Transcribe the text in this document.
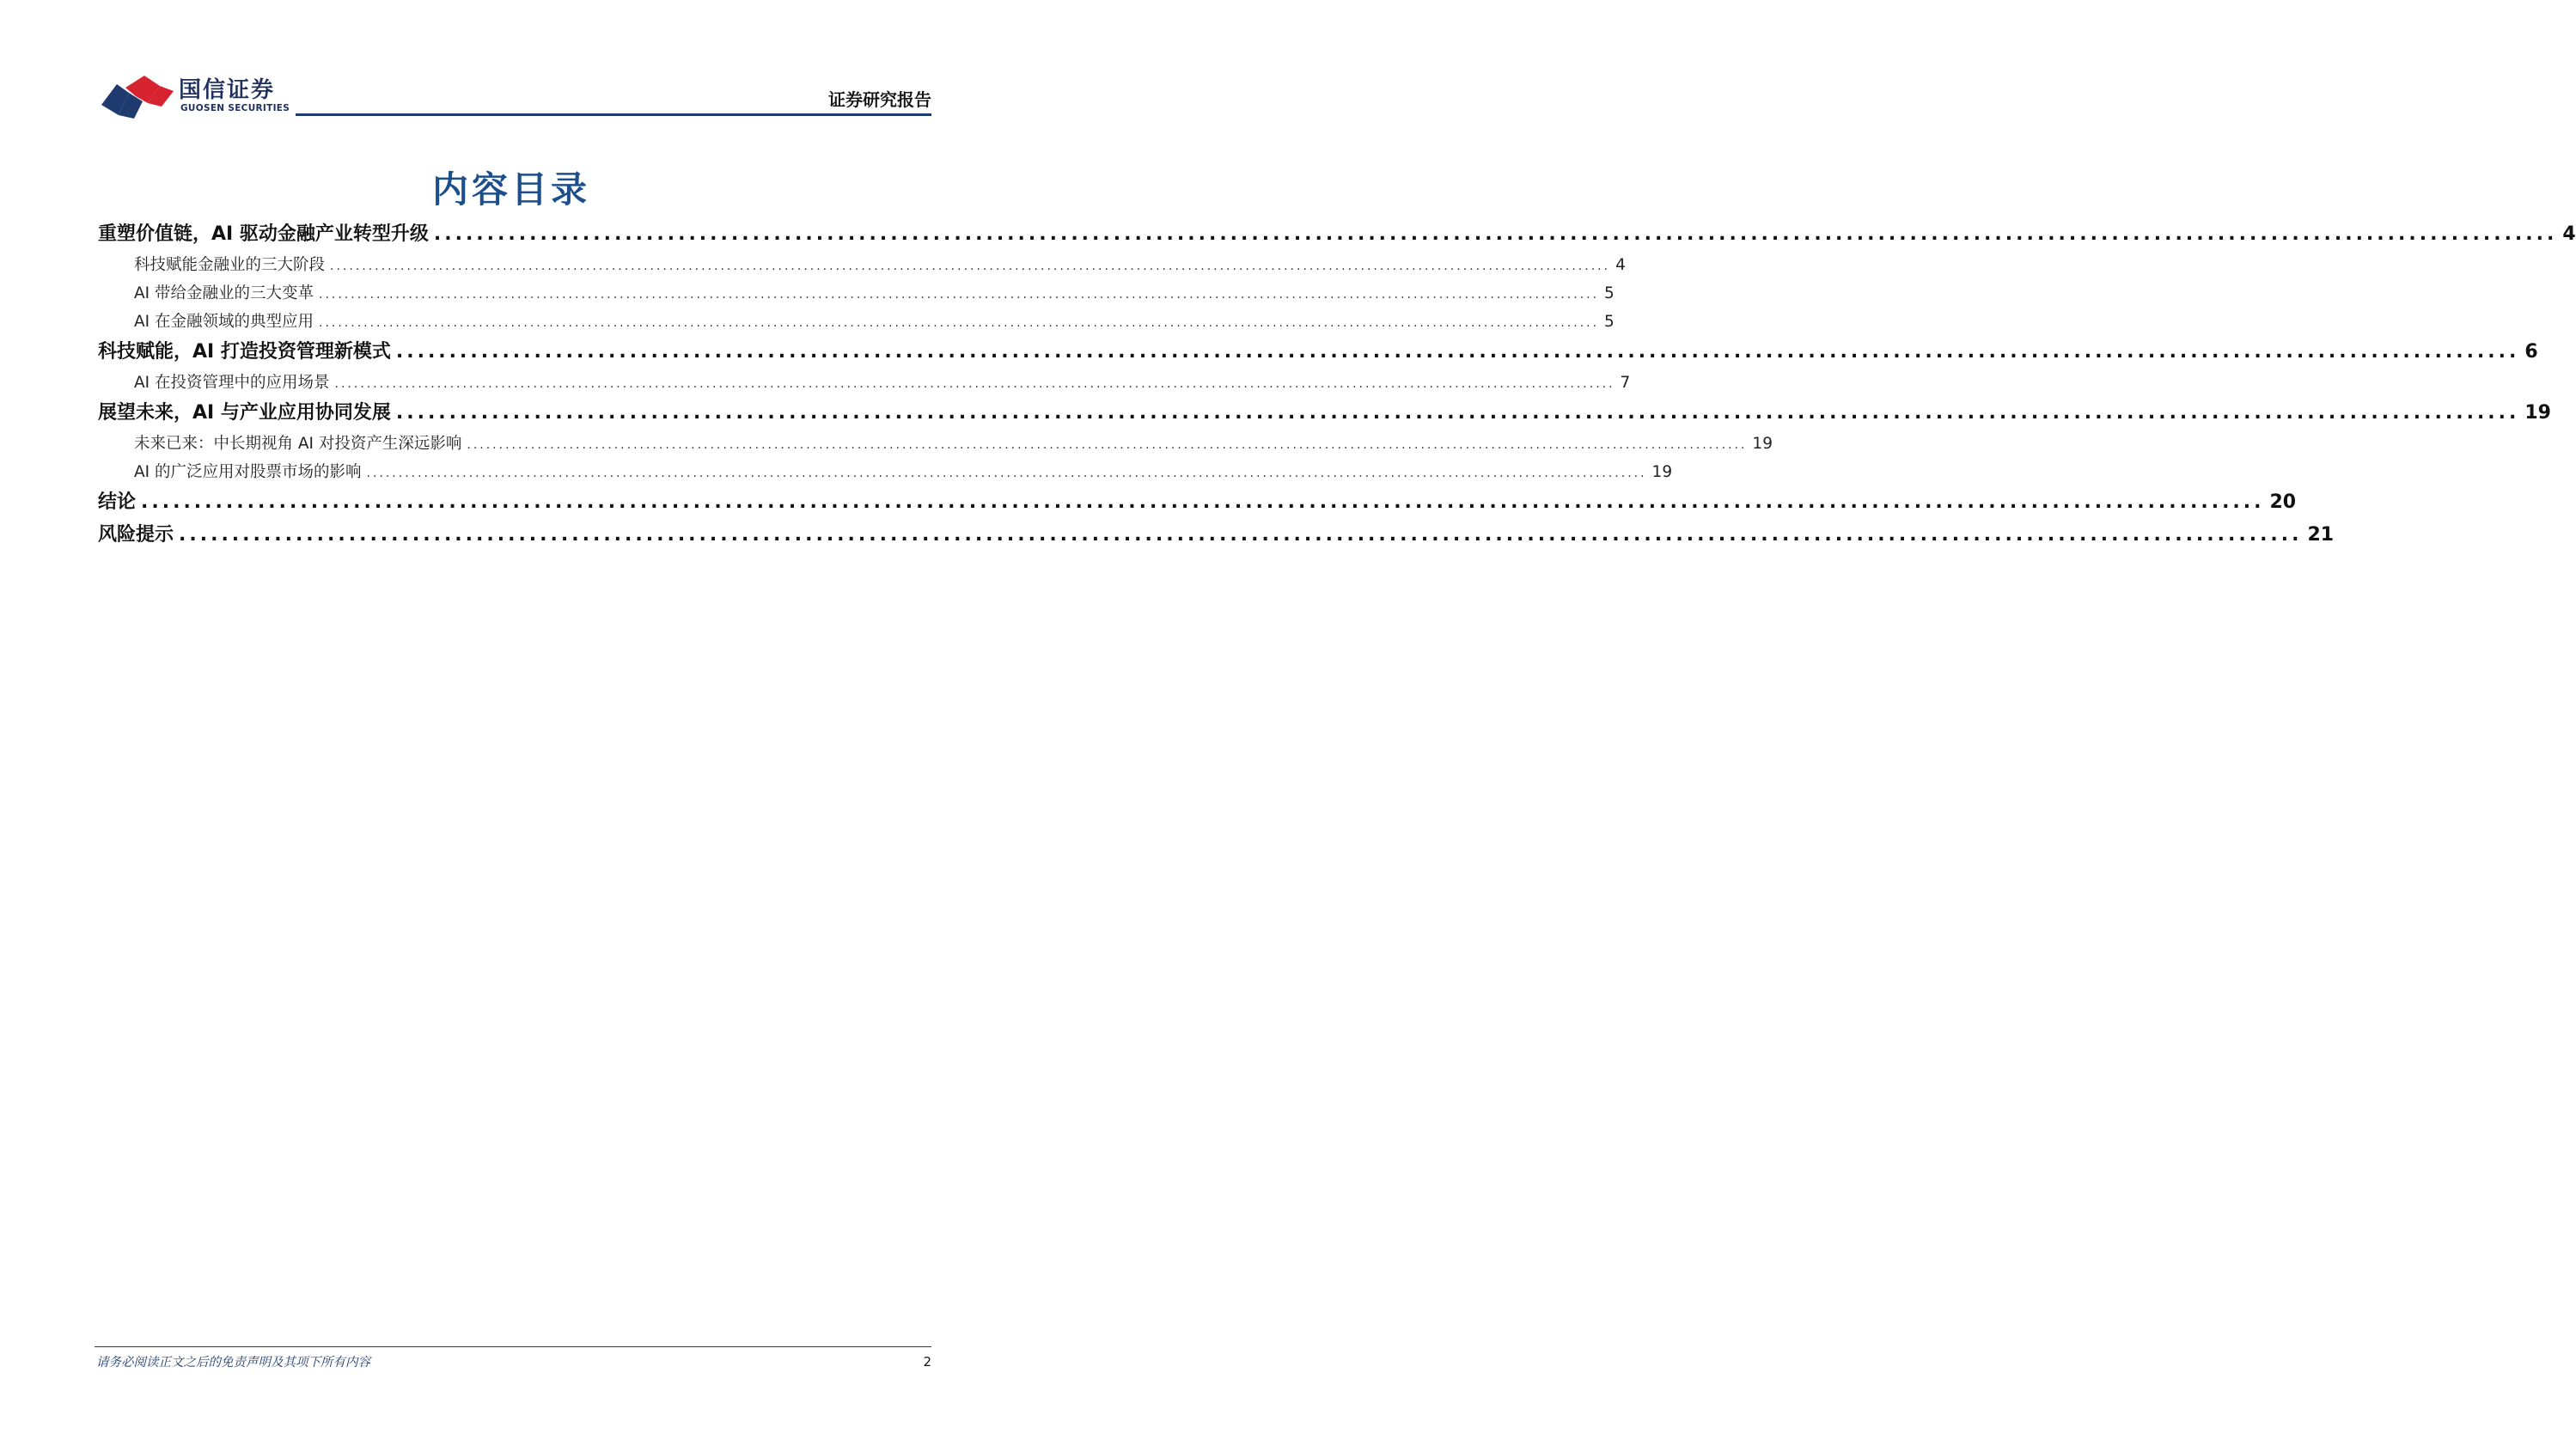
国信证券
GUOSEN SECURITIES	证券研究报告
内容目录
重塑价值链，AI 驱动金融产业转型升级 ........................................................................................................................................................................................................ 4
科技赋能金融业的三大阶段 ........................................................................................................................................................................................................ 4
AI 带给金融业的三大变革 ........................................................................................................................................................................................................ 5
AI 在金融领域的典型应用 ........................................................................................................................................................................................................ 5
科技赋能，AI 打造投资管理新模式 ........................................................................................................................................................................................................ 6
AI 在投资管理中的应用场景 ........................................................................................................................................................................................................ 7
展望未来，AI 与产业应用协同发展 ........................................................................................................................................................................................................ 19
未来已来：中长期视角 AI 对投资产生深远影响 ........................................................................................................................................................................................................ 19
AI 的广泛应用对股票市场的影响 ........................................................................................................................................................................................................ 19
结论 ........................................................................................................................................................................................................ 20
风险提示 ........................................................................................................................................................................................................ 21
请务必阅读正文之后的免责声明及其项下所有内容	2
